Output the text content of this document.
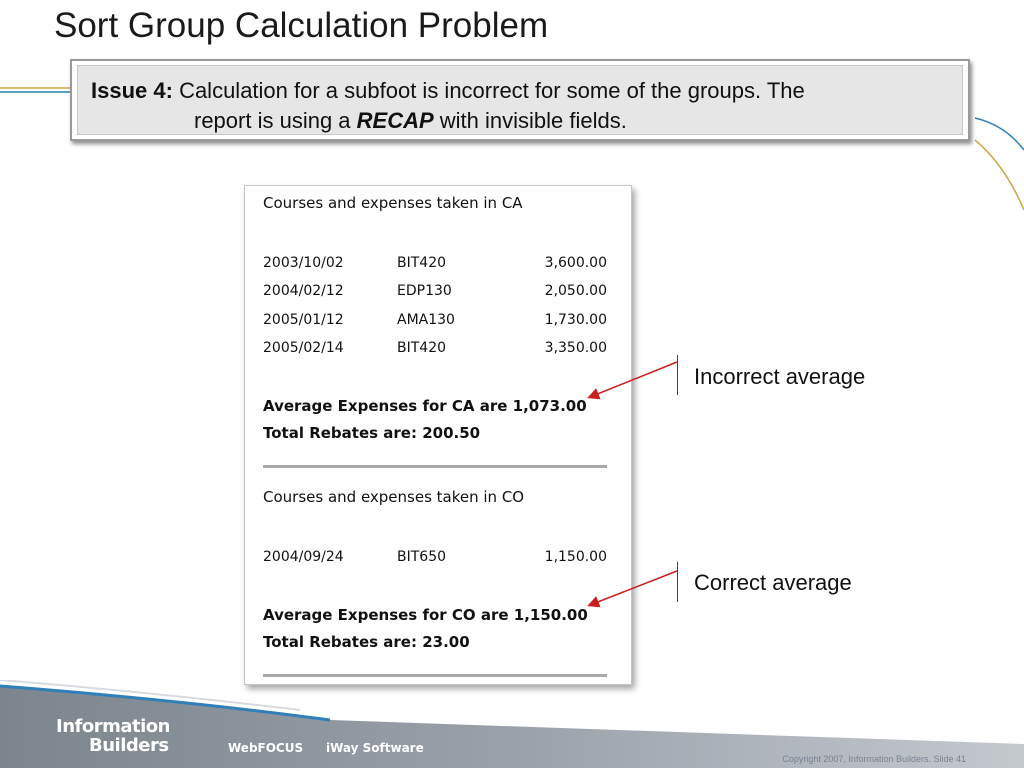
Sort Group Calculation Problem
Issue 4: Calculation for a subfoot is incorrect for some of the groups. The
report is using a RECAP with invisible fields.
Courses and expenses taken in CA
2003/10/02	BIT420	3,600.00
2004/02/12	EDP130	2,050.00
2005/01/12	AMA130	1,730.00
2005/02/14	BIT420	3,350.00
Average Expenses for CA are 1,073.00
Total Rebates are: 200.50
Courses and expenses taken in CO
2004/09/24	BIT650	1,150.00
Average Expenses for CO are 1,150.00
Total Rebates are: 23.00
Incorrect average
Correct average
Information
Builders	WebFOCUS iWay Software
Copyright 2007, Information Builders. Slide 41
